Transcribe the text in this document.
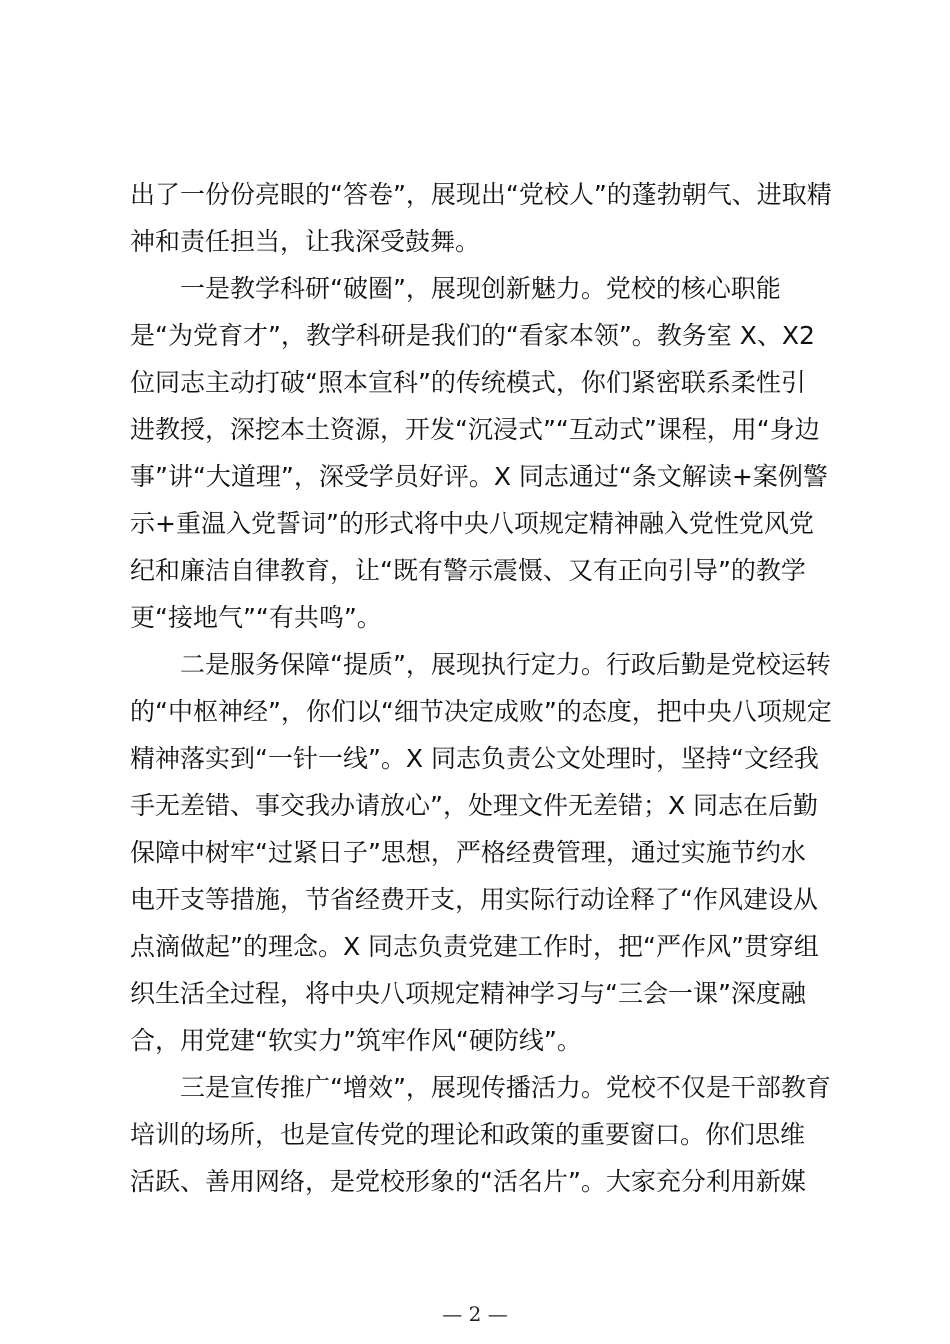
出了一份份亮眼的“答卷”，展现出“党校人”的蓬勃朝气、进取精
神和责任担当，让我深受鼓舞。
一是教学科研“破圈”，展现创新魅力。党校的核心职能
是“为党育才”，教学科研是我们的“看家本领”。教务室 X、X2
位同志主动打破“照本宣科”的传统模式，你们紧密联系柔性引
进教授，深挖本土资源，开发“沉浸式”“互动式”课程，用“身边
事”讲“大道理”，深受学员好评。X 同志通过“条文解读+案例警
示+重温入党誓词”的形式将中央八项规定精神融入党性党风党
纪和廉洁自律教育，让“既有警示震慑、又有正向引导”的教学
更“接地气”“有共鸣”。
二是服务保障“提质”，展现执行定力。行政后勤是党校运转
的“中枢神经”，你们以“细节决定成败”的态度，把中央八项规定
精神落实到“一针一线”。X 同志负责公文处理时，坚持“文经我
手无差错、事交我办请放心”，处理文件无差错；X 同志在后勤
保障中树牢“过紧日子”思想，严格经费管理，通过实施节约水
电开支等措施，节省经费开支，用实际行动诠释了“作风建设从
点滴做起”的理念。X 同志负责党建工作时，把“严作风”贯穿组
织生活全过程，将中央八项规定精神学习与“三会一课”深度融
合，用党建“软实力”筑牢作风“硬防线”。
三是宣传推广“增效”，展现传播活力。党校不仅是干部教育
培训的场所，也是宣传党的理论和政策的重要窗口。你们思维
活跃、善用网络，是党校形象的“活名片”。大家充分利用新媒
— 2 —
